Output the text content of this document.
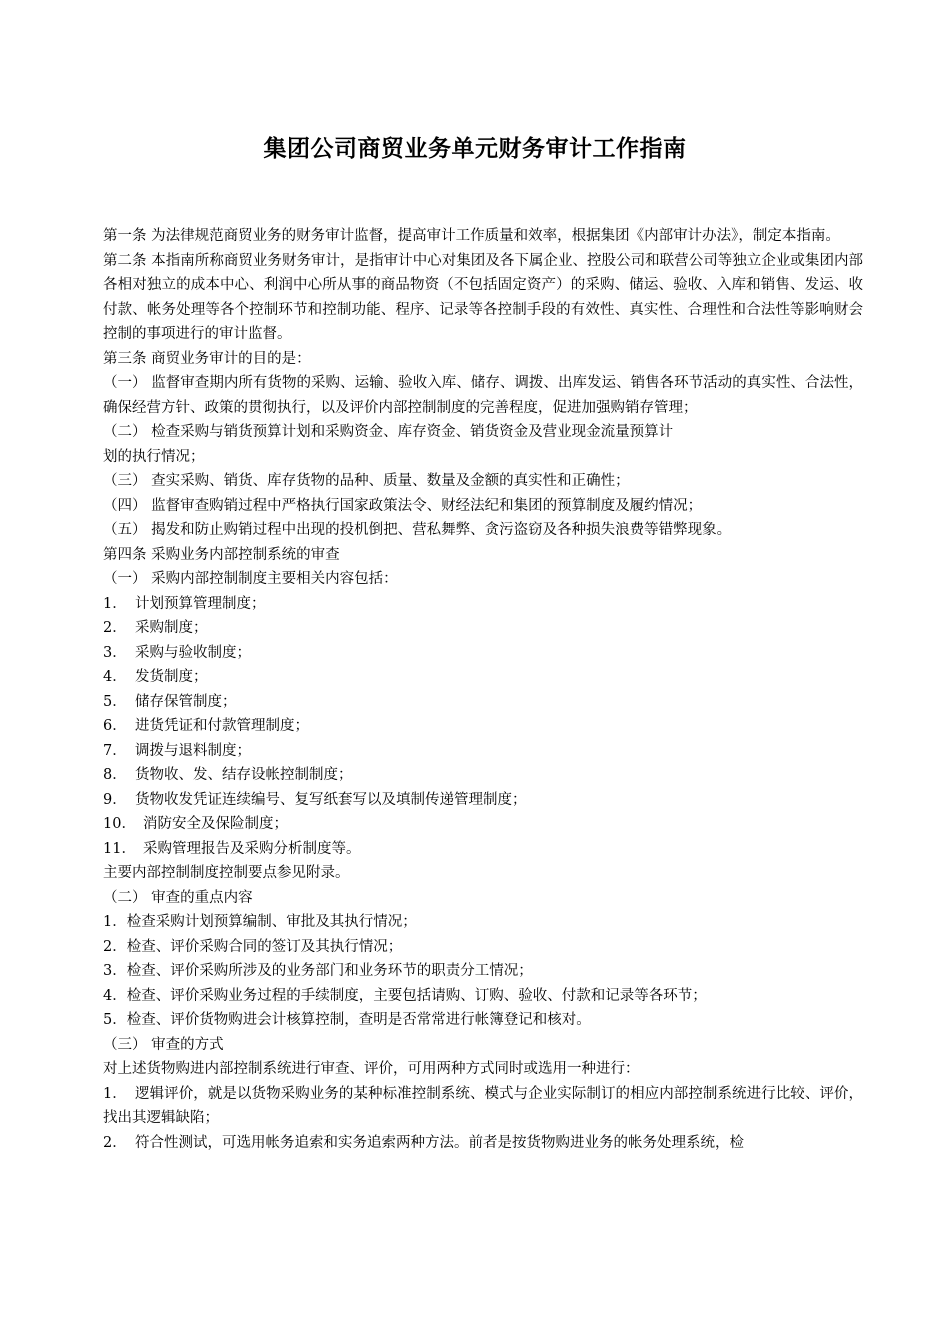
集团公司商贸业务单元财务审计工作指南

第一条 为法律规范商贸业务的财务审计监督，提高审计工作质量和效率，根据集团《内部审计办法》，制定本指南。

第二条 本指南所称商贸业务财务审计，是指审计中心对集团及各下属企业、控股公司和联营公司等独立企业或集团内部各相对独立的成本中心、利润中心所从事的商品物资（不包括固定资产）的采购、储运、验收、入库和销售、发运、收付款、帐务处理等各个控制环节和控制功能、程序、记录等各控制手段的有效性、真实性、合理性和合法性等影响财会控制的事项进行的审计监督。

第三条 商贸业务审计的目的是：

（一） 监督审查期内所有货物的采购、运输、验收入库、储存、调拨、出库发运、销售各环节活动的真实性、合法性，确保经营方针、政策的贯彻执行，以及评价内部控制制度的完善程度，促进加强购销存管理；

（二） 检查采购与销货预算计划和采购资金、库存资金、销货资金及营业现金流量预算计

划的执行情况；

（三） 查实采购、销货、库存货物的品种、质量、数量及金额的真实性和正确性；

（四） 监督审查购销过程中严格执行国家政策法令、财经法纪和集团的预算制度及履约情况；

（五） 揭发和防止购销过程中出现的投机倒把、营私舞弊、贪污盗窃及各种损失浪费等错弊现象。

第四条 采购业务内部控制系统的审查

（一） 采购内部控制制度主要相关内容包括：

1． 计划预算管理制度；

2． 采购制度；

3． 采购与验收制度；

4． 发货制度；

5． 储存保管制度；

6． 进货凭证和付款管理制度；

7． 调拨与退料制度；

8． 货物收、发、结存设帐控制制度；

9． 货物收发凭证连续编号、复写纸套写以及填制传递管理制度；

10． 消防安全及保险制度；

11． 采购管理报告及采购分析制度等。

主要内部控制制度控制要点参见附录。

（二） 审查的重点内容

1．检查采购计划预算编制、审批及其执行情况；

2．检查、评价采购合同的签订及其执行情况；

3．检查、评价采购所涉及的业务部门和业务环节的职责分工情况；

4．检查、评价采购业务过程的手续制度，主要包括请购、订购、验收、付款和记录等各环节；

5．检查、评价货物购进会计核算控制，查明是否常常进行帐簿登记和核对。

（三） 审查的方式

对上述货物购进内部控制系统进行审查、评价，可用两种方式同时或选用一种进行：

1． 逻辑评价，就是以货物采购业务的某种标准控制系统、模式与企业实际制订的相应内部控制系统进行比较、评价，找出其逻辑缺陷；

2． 符合性测试，可选用帐务追索和实务追索两种方法。前者是按货物购进业务的帐务处理系统，检
